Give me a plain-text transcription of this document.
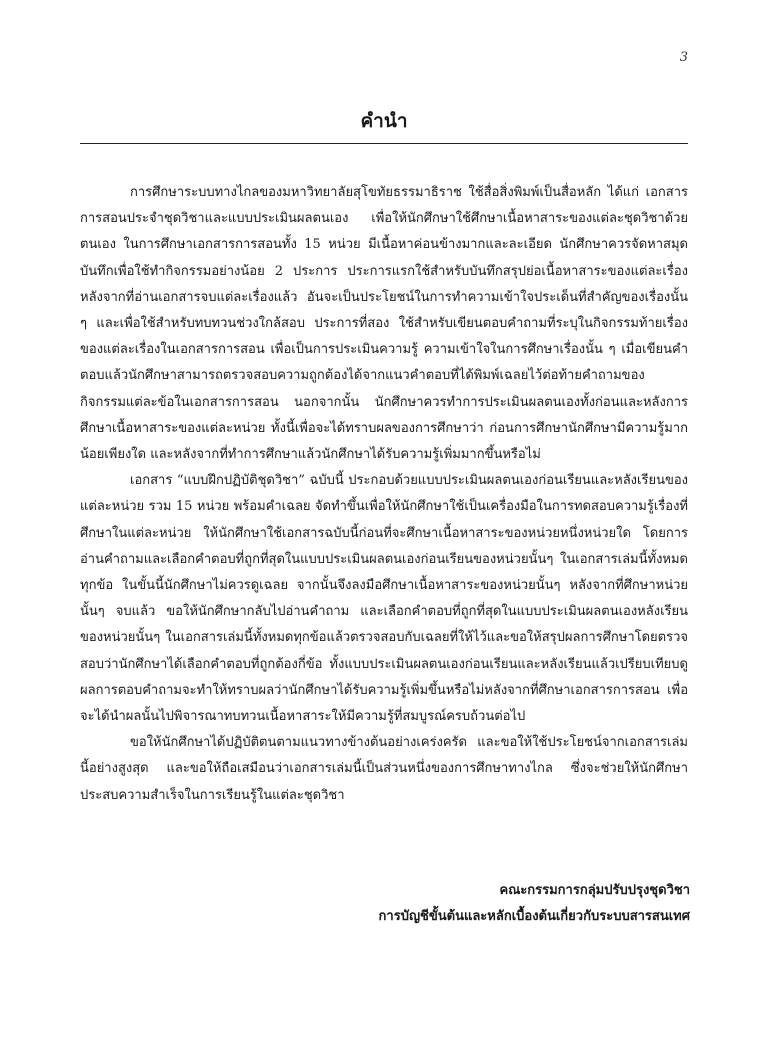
3
คำนำ

การศึกษาระบบทางไกลของมหาวิทยาลัยสุโขทัยธรรมาธิราช ใช้สื่อสิ่งพิมพ์เป็นสื่อหลัก ได้แก่ เอกสารการสอนประจำชุดวิชาและแบบประเมินผลตนเอง เพื่อให้นักศึกษาใช้ศึกษาเนื้อหาสาระของแต่ละชุดวิชาด้วยตนเอง ในการศึกษาเอกสารการสอนทั้ง 15 หน่วย มีเนื้อหาค่อนข้างมากและละเอียด นักศึกษาควรจัดหาสมุดบันทึกเพื่อใช้ทำกิจกรรมอย่างน้อย 2 ประการ ประการแรกใช้สำหรับบันทึกสรุปย่อเนื้อหาสาระของแต่ละเรื่อง หลังจากที่อ่านเอกสารจบแต่ละเรื่องแล้ว อันจะเป็นประโยชน์ในการทำความเข้าใจประเด็นที่สำคัญของเรื่องนั้น ๆ และเพื่อใช้สำหรับทบทวนช่วงใกล้สอบ ประการที่สอง ใช้สำหรับเขียนตอบคำถามที่ระบุในกิจกรรมท้ายเรื่องของแต่ละเรื่องในเอกสารการสอน เพื่อเป็นการประเมินความรู้ ความเข้าใจในการศึกษาเรื่องนั้น ๆ เมื่อเขียนคำตอบแล้วนักศึกษาสามารถตรวจสอบความถูกต้องได้จากแนวคำตอบที่ได้พิมพ์เฉลยไว้ต่อท้ายคำถามของกิจกรรมแต่ละข้อในเอกสารการสอน นอกจากนั้น นักศึกษาควรทำการประเมินผลตนเองทั้งก่อนและหลังการศึกษาเนื้อหาสาระของแต่ละหน่วย ทั้งนี้เพื่อจะได้ทราบผลของการศึกษาว่า ก่อนการศึกษานักศึกษามีความรู้มากน้อยเพียงใด และหลังจากที่ทำการศึกษาแล้วนักศึกษาได้รับความรู้เพิ่มมากขึ้นหรือไม่

เอกสาร “แบบฝึกปฏิบัติชุดวิชา” ฉบับนี้ ประกอบด้วยแบบประเมินผลตนเองก่อนเรียนและหลังเรียนของแต่ละหน่วย รวม 15 หน่วย พร้อมคำเฉลย จัดทำขึ้นเพื่อให้นักศึกษาใช้เป็นเครื่องมือในการทดสอบความรู้เรื่องที่ศึกษาในแต่ละหน่วย ให้นักศึกษาใช้เอกสารฉบับนี้ก่อนที่จะศึกษาเนื้อหาสาระของหน่วยหนึ่งหน่วยใด โดยการอ่านคำถามและเลือกคำตอบที่ถูกที่สุดในแบบประเมินผลตนเองก่อนเรียนของหน่วยนั้นๆ ในเอกสารเล่มนี้ทั้งหมดทุกข้อ ในขั้นนี้นักศึกษาไม่ควรดูเฉลย จากนั้นจึงลงมือศึกษาเนื้อหาสาระของหน่วยนั้นๆ หลังจากที่ศึกษาหน่วยนั้นๆ จบแล้ว ขอให้นักศึกษากลับไปอ่านคำถาม และเลือกคำตอบที่ถูกที่สุดในแบบประเมินผลตนเองหลังเรียนของหน่วยนั้นๆ ในเอกสารเล่มนี้ทั้งหมดทุกข้อแล้วตรวจสอบกับเฉลยที่ให้ไว้และขอให้สรุปผลการศึกษาโดยตรวจสอบว่านักศึกษาได้เลือกคำตอบที่ถูกต้องกี่ข้อ ทั้งแบบประเมินผลตนเองก่อนเรียนและหลังเรียนแล้วเปรียบเทียบดูผลการตอบคำถามจะทำให้ทราบผลว่านักศึกษาได้รับความรู้เพิ่มขึ้นหรือไม่หลังจากที่ศึกษาเอกสารการสอน เพื่อจะได้นำผลนั้นไปพิจารณาทบทวนเนื้อหาสาระให้มีความรู้ที่สมบูรณ์ครบถ้วนต่อไป

ขอให้นักศึกษาได้ปฏิบัติตนตามแนวทางข้างต้นอย่างเคร่งครัด และขอให้ใช้ประโยชน์จากเอกสารเล่มนี้อย่างสูงสุด และขอให้ถือเสมือนว่าเอกสารเล่มนี้เป็นส่วนหนึ่งของการศึกษาทางไกล ซึ่งจะช่วยให้นักศึกษาประสบความสำเร็จในการเรียนรู้ในแต่ละชุดวิชา

คณะกรรมการกลุ่มปรับปรุงชุดวิชา
การบัญชีขั้นต้นและหลักเบื้องต้นเกี่ยวกับระบบสารสนเทศ
